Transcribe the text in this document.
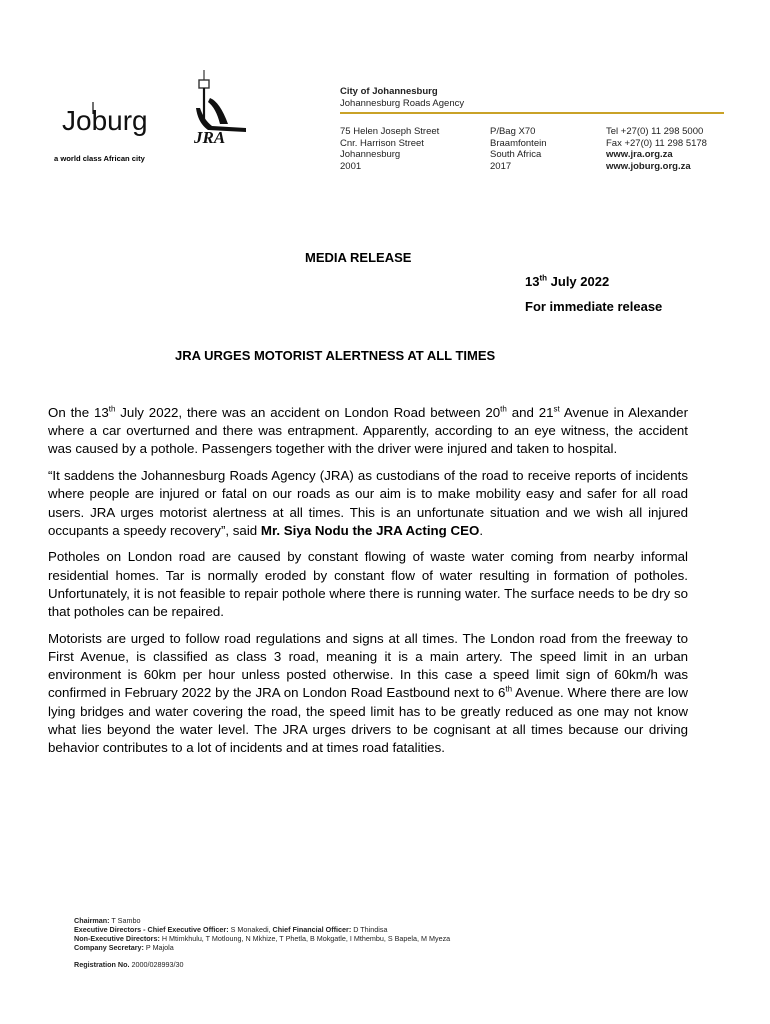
Joburg
a world class African city
JRA
City of Johannesburg
Johannesburg Roads Agency
75 Helen Joseph Street
Cnr. Harrison Street
Johannesburg
2001
P/Bag X70
Braamfontein
South Africa
2017
Tel +27(0) 11 298 5000
Fax +27(0) 11 298 5178
www.jra.org.za
www.joburg.org.za
MEDIA RELEASE
13th July 2022
For immediate release
JRA URGES MOTORIST ALERTNESS AT ALL TIMES

On the 13th July 2022, there was an accident on London Road between 20th and 21st Avenue in Alexander where a car overturned and there was entrapment. Apparently, according to an eye witness, the accident was caused by a pothole. Passengers together with the driver were injured and taken to hospital.

“It saddens the Johannesburg Roads Agency (JRA) as custodians of the road to receive reports of incidents where people are injured or fatal on our roads as our aim is to make mobility easy and safer for all road users. JRA urges motorist alertness at all times. This is an unfortunate situation and we wish all injured occupants a speedy recovery”, said Mr. Siya Nodu the JRA Acting CEO.

Potholes on London road are caused by constant flowing of waste water coming from nearby informal residential homes. Tar is normally eroded by constant flow of water resulting in formation of potholes. Unfortunately, it is not feasible to repair pothole where there is running water. The surface needs to be dry so that potholes can be repaired.

Motorists are urged to follow road regulations and signs at all times. The London road from the freeway to First Avenue, is classified as class 3 road, meaning it is a main artery. The speed limit in an urban environment is 60km per hour unless posted otherwise. In this case a speed limit sign of 60km/h was confirmed in February 2022 by the JRA on London Road Eastbound next to 6th Avenue. Where there are low lying bridges and water covering the road, the speed limit has to be greatly reduced as one may not know what lies beyond the water level. The JRA urges drivers to be cognisant at all times because our driving behavior contributes to a lot of incidents and at times road fatalities.

Chairman: T Sambo
Executive Directors - Chief Executive Officer: S Monakedi, Chief Financial Officer: D Thindisa
Non-Executive Directors: H Mtimkhulu, T Motloung, N Mkhize, T Phetla, B Mokgatle, I Mthembu, S Bapela, M Myeza
Company Secretary: P Majola
Registration No. 2000/028993/30
